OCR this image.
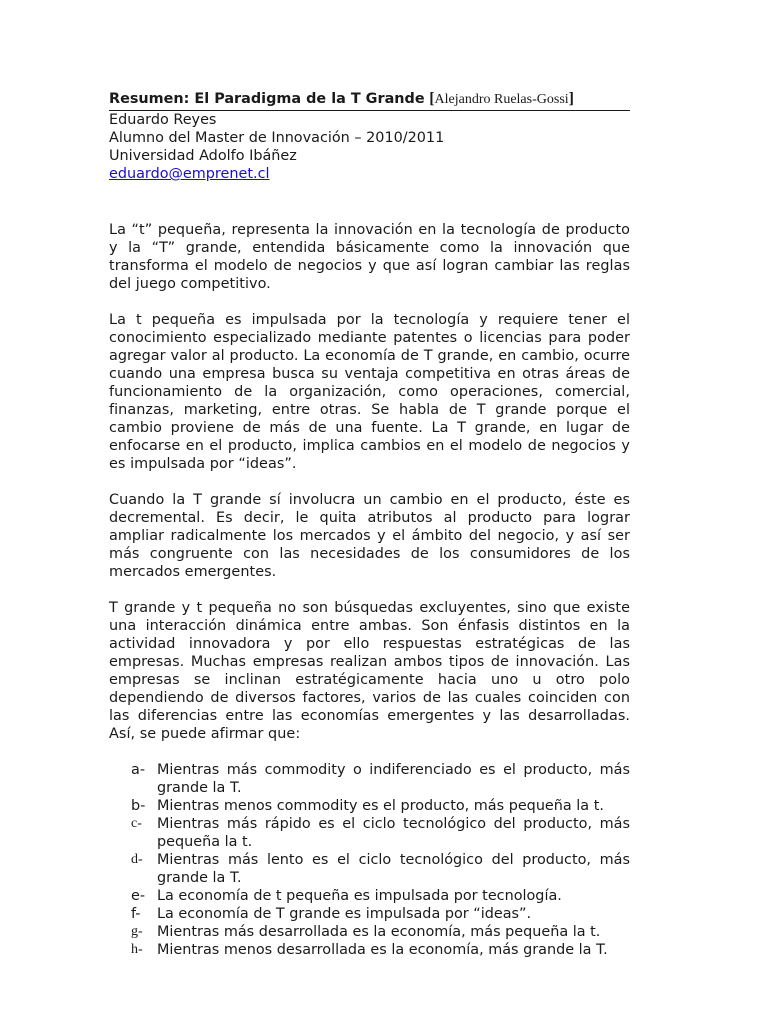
Resumen: El Paradigma de la T Grande [Alejandro Ruelas-Gossi]
Eduardo Reyes
Alumno del Master de Innovación – 2010/2011
Universidad Adolfo Ibáñez
eduardo@emprenet.cl

La “t” pequeña, representa la innovación en la tecnología de producto y la “T” grande, entendida básicamente como la innovación que transforma el modelo de negocios y que así logran cambiar las reglas del juego competitivo.

La t pequeña es impulsada por la tecnología y requiere tener el conocimiento especializado mediante patentes o licencias para poder agregar valor al producto. La economía de T grande, en cambio, ocurre cuando una empresa busca su ventaja competitiva en otras áreas de funcionamiento de la organización, como operaciones, comercial, finanzas, marketing, entre otras. Se habla de T grande porque el cambio proviene de más de una fuente. La T grande, en lugar de enfocarse en el producto, implica cambios en el modelo de negocios y es impulsada por “ideas”.

Cuando la T grande sí involucra un cambio en el producto, éste es decremental. Es decir, le quita atributos al producto para lograr ampliar radicalmente los mercados y el ámbito del negocio, y así ser más congruente con las necesidades de los consumidores de los mercados emergentes.

T grande y t pequeña no son búsquedas excluyentes, sino que existe una interacción dinámica entre ambas. Son énfasis distintos en la actividad innovadora y por ello respuestas estratégicas de las empresas. Muchas empresas realizan ambos tipos de innovación. Las empresas se inclinan estratégicamente hacia uno u otro polo dependiendo de diversos factores, varios de las cuales coinciden con las diferencias entre las economías emergentes y las desarrolladas. Así, se puede afirmar que:

a- Mientras más commodity o indiferenciado es el producto, más grande la T.
b- Mientras menos commodity es el producto, más pequeña la t.
c-	Mientras más rápido es el ciclo tecnológico del producto, más pequeña la t.
d- Mientras más lento es el ciclo tecnológico del producto, más grande la T.
e- La economía de t pequeña es impulsada por tecnología.
f-	La economía de T grande es impulsada por “ideas”.
g- Mientras más desarrollada es la economía, más pequeña la t.
h- Mientras menos desarrollada es la economía, más grande la T.
